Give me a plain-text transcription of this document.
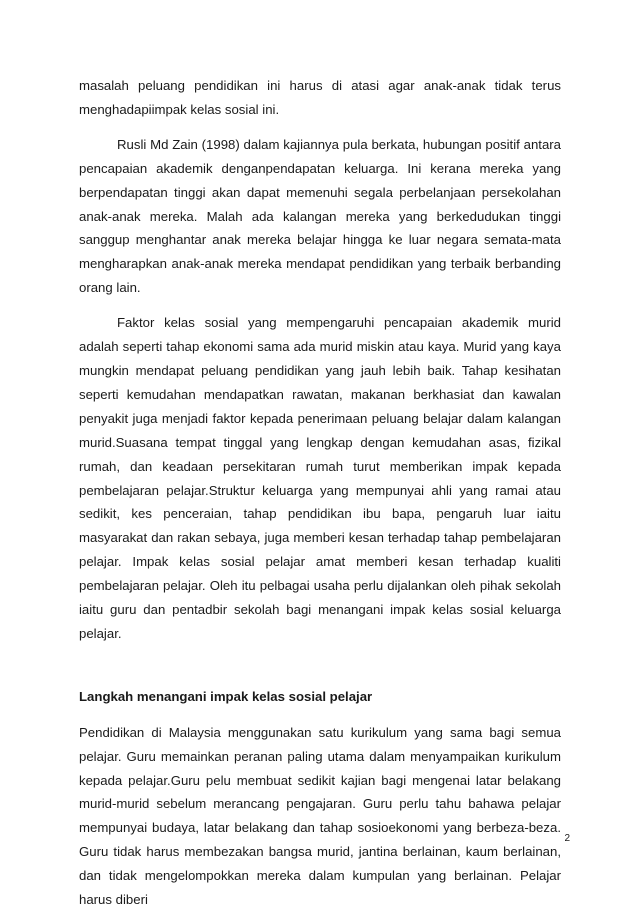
masalah peluang pendidikan ini harus di atasi agar anak-anak tidak terus menghadapiimpak kelas sosial ini.

Rusli Md Zain (1998) dalam kajiannya pula berkata, hubungan positif antara pencapaian akademik denganpendapatan keluarga. Ini kerana mereka yang berpendapatan tinggi akan dapat memenuhi segala perbelanjaan persekolahan anak-anak mereka. Malah ada kalangan mereka yang berkedudukan tinggi sanggup menghantar anak mereka belajar hingga ke luar negara semata-mata mengharapkan anak-anak mereka mendapat pendidikan yang terbaik berbanding orang lain.

Faktor kelas sosial yang mempengaruhi pencapaian akademik murid adalah seperti tahap ekonomi sama ada murid miskin atau kaya. Murid yang kaya mungkin mendapat peluang pendidikan yang jauh lebih baik. Tahap kesihatan seperti kemudahan mendapatkan rawatan, makanan berkhasiat dan kawalan penyakit juga menjadi faktor kepada penerimaan peluang belajar dalam kalangan murid.Suasana tempat tinggal yang lengkap dengan kemudahan asas, fizikal rumah, dan keadaan persekitaran rumah turut memberikan impak kepada pembelajaran pelajar.Struktur keluarga yang mempunyai ahli yang ramai atau sedikit, kes penceraian, tahap pendidikan ibu bapa, pengaruh luar iaitu masyarakat dan rakan sebaya, juga memberi kesan terhadap tahap pembelajaran pelajar. Impak kelas sosial pelajar amat memberi kesan terhadap kualiti pembelajaran pelajar. Oleh itu pelbagai usaha perlu dijalankan oleh pihak sekolah iaitu guru dan pentadbir sekolah bagi menangani impak kelas sosial keluarga pelajar.

Langkah menangani impak kelas sosial pelajar

Pendidikan di Malaysia menggunakan satu kurikulum yang sama bagi semua pelajar. Guru memainkan peranan paling utama dalam menyampaikan kurikulum kepada pelajar.Guru pelu membuat sedikit kajian bagi mengenai latar belakang murid-murid sebelum merancang pengajaran. Guru perlu tahu bahawa pelajar mempunyai budaya, latar belakang dan tahap sosioekonomi yang berbeza-beza. Guru tidak harus membezakan bangsa murid, jantina berlainan, kaum berlainan, dan tidak mengelompokkan mereka dalam kumpulan yang berlainan. Pelajar harus diberi

2
